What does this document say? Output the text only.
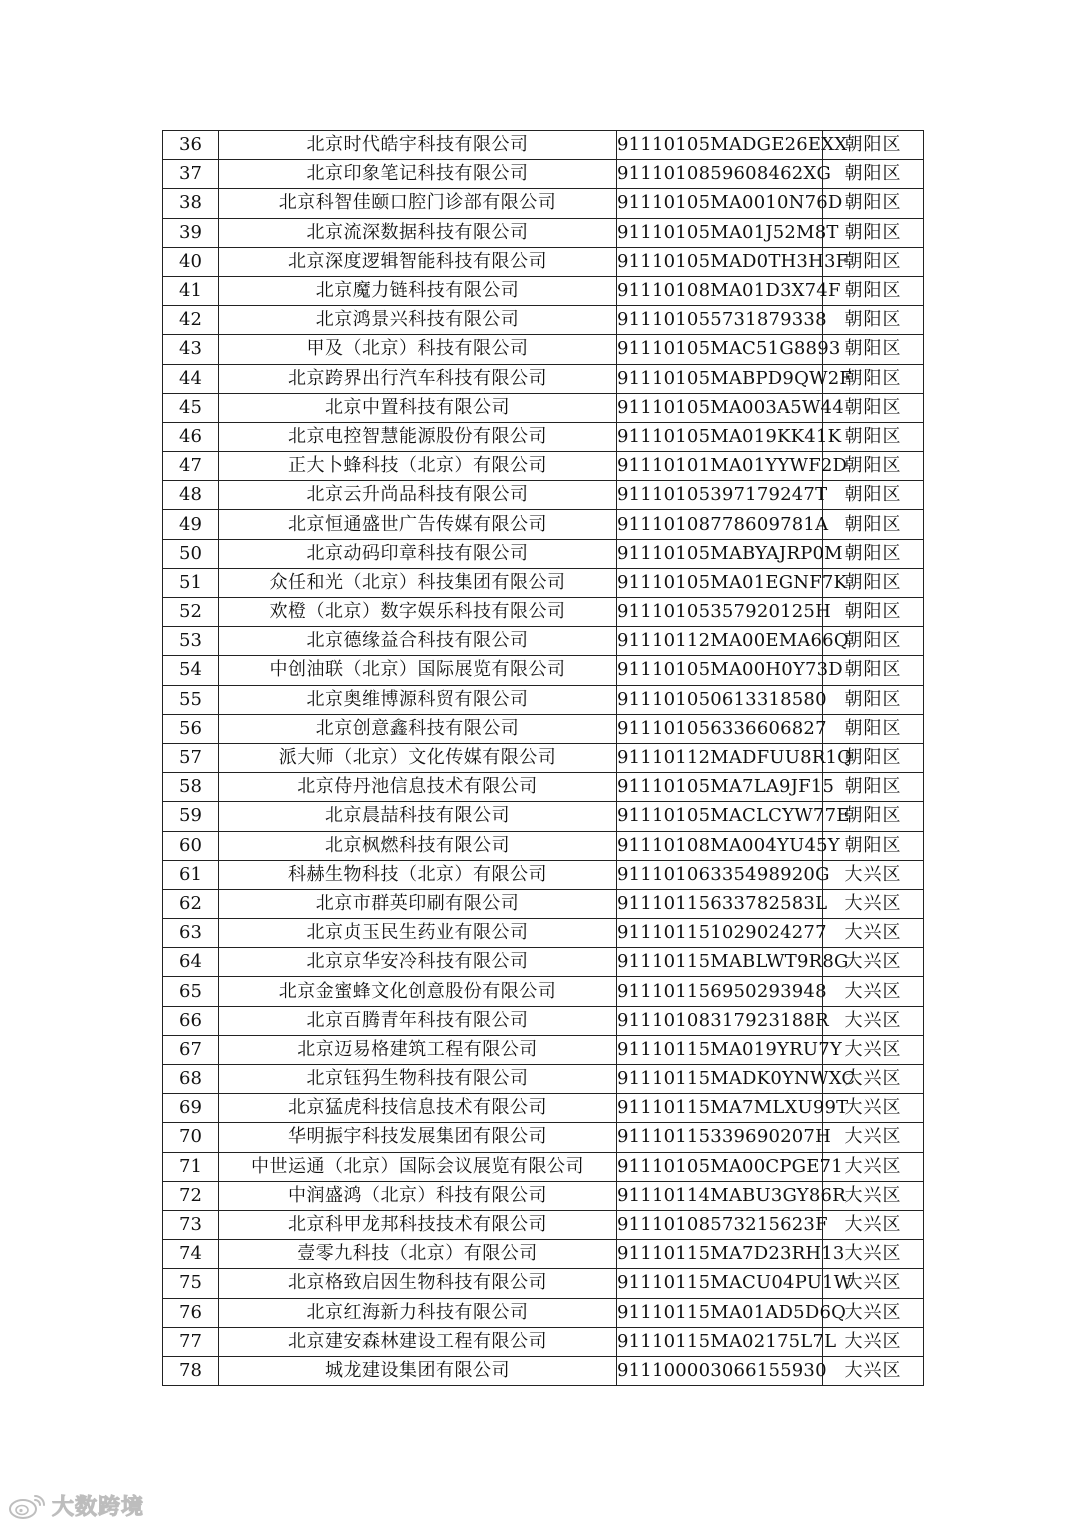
36	北京时代皓宇科技有限公司	91110105MADGE26EXX	朝阳区
37	北京印象笔记科技有限公司	911101085960846​2XG	朝阳区
38	北京科智佳颐口腔门诊部有限公司	91110105MA0010N76D	朝阳区
39	北京流深数据科技有限公司	91110105MA01J52M8T	朝阳区
40	北京深度逻辑智能科技有限公司	91110105MAD0TH3H3F	朝阳区
41	北京魔力链科技有限公司	91110108MA01D3X74F	朝阳区
42	北京鸿景兴科技有限公司	91110105573187933​8	朝阳区
43	甲及（北京）科技有限公司	91110105MAC51G8893	朝阳区
44	北京跨界出行汽车科技有限公司	91110105MABPD9QW2F	朝阳区
45	北京中置科技有限公司	91110105MA003A5W44	朝阳区
46	北京电控智慧能源股份有限公司	91110105MA019KK41K	朝阳区
47	正大卜蜂科技（北京）有限公司	91110101MA01YYWF2D	朝阳区
48	北京云升尚品科技有限公司	91110105397179247T	朝阳区
49	北京恒通盛世广告传媒有限公司	91110108778609781A	朝阳区
50	北京动码印章科技有限公司	91110105MABYAJRP0M	朝阳区
51	众任和光（北京）科技集团有限公司	91110105MA01EGNF7K	朝阳区
52	欢橙（北京）数字娱乐科技有限公司	91110105357920125H	朝阳区
53	北京德缘益合科技有限公司	91110112MA00EMA66Q	朝阳区
54	中创油联（北京）国际展览有限公司	91110105MA00H0Y73D	朝阳区
55	北京奥维博源科贸有限公司	91110105061331858​0	朝阳区
56	北京创意鑫科技有限公司	91110105633660682​7	朝阳区
57	派大师（北京）文化传媒有限公司	91110112MADFUU8R1Q	朝阳区
58	北京侍丹池信息技术有限公司	91110105MA7LA9JF15	朝阳区
59	北京晨喆科技有限公司	91110105MACLCYW77E	朝阳区
60	北京枫燃科技有限公司	91110108MA004YU45Y	朝阳区
61	科赫生物科技（北京）有限公司	91110106335498920G	大兴区
62	北京市群英印刷有限公司	91110115633782583L	大兴区
63	北京贞玉民生药业有限公司	91110115102902427​7	大兴区
64	北京京华安冷科技有限公司	91110115MABLWT9R8G	大兴区
65	北京金蜜蜂文化创意股份有限公司	91110115695029394​8	大兴区
66	北京百腾青年科技有限公司	91110108317923188R	大兴区
67	北京迈易格建筑工程有限公司	91110115MA019YRU7Y	大兴区
68	北京钰犸生物科技有限公司	91110115MADK0YNWXC	大兴区
69	北京猛虎科技信息技术有限公司	91110115MA7MLXU99T	大兴区
70	华明振宇科技发展集团有限公司	91110115339690207H	大兴区
71	中世运通（北京）国际会议展览有限公司	91110105MA00CPGE71	大兴区
72	中润盛鸿（北京）科技有限公司	91110114MABU3GY86R	大兴区
73	北京科甲龙邦科技技术有限公司	91110108573215623F	大兴区
74	壹零九科技（北京）有限公司	91110115MA7D23RH13	大兴区
75	北京格致启因生物科技有限公司	91110115MACU04PU1W	大兴区
76	北京红海新力科技有限公司	91110115MA01AD5D6Q	大兴区
77	北京建安森林建设工程有限公司	91110115MA02175L7L	大兴区
78	城龙建设集团有限公司	91110000306615593​0	大兴区
大数跨境
